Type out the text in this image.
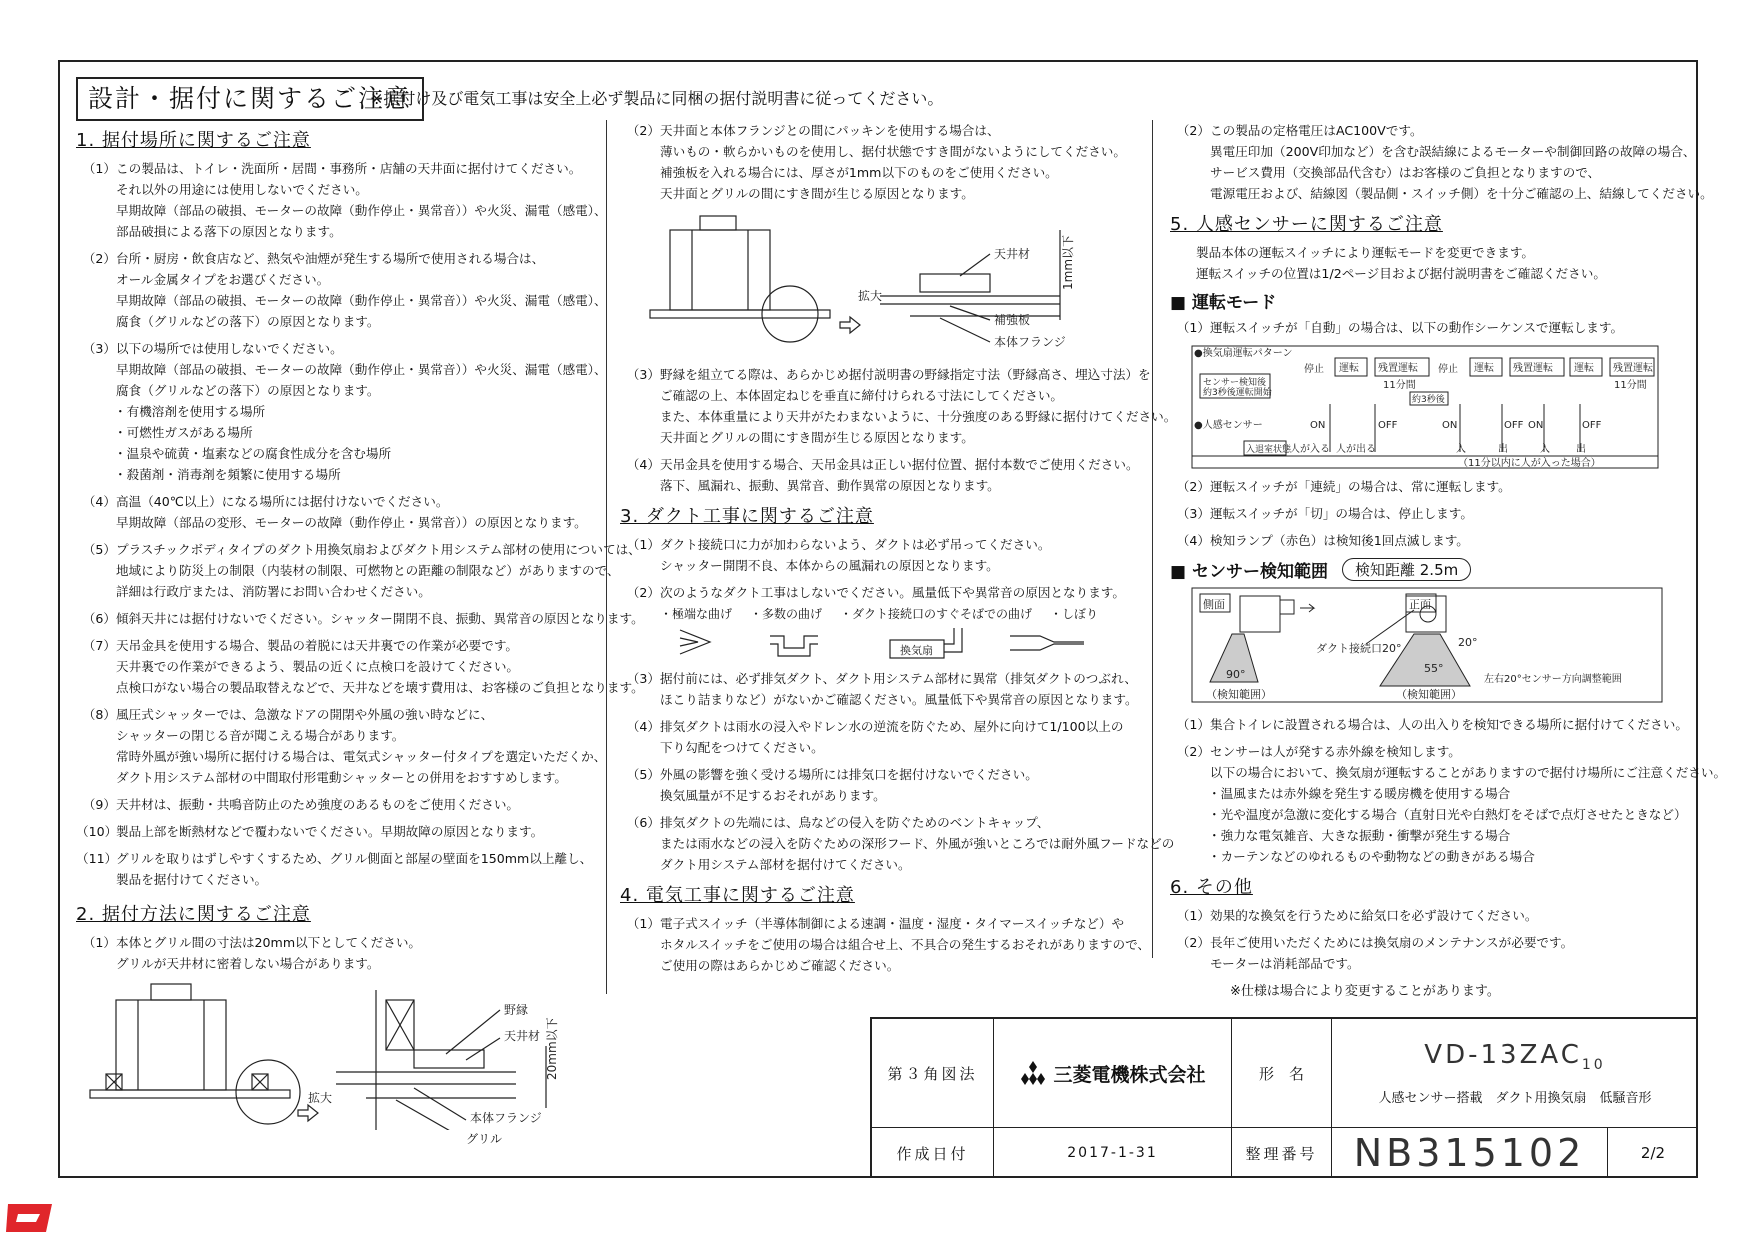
設計・据付に関するご注意
※据付け及び電気工事は安全上必ず製品に同梱の据付説明書に従ってください。
1. 据付場所に関するご注意
（1）この製品は、トイレ・洗面所・居間・事務所・店舗の天井面に据付けてください。
それ以外の用途には使用しないでください。
早期故障（部品の破損、モーターの故障（動作停止・異常音））や火災、漏電（感電）、
部品破損による落下の原因となります。
（2）台所・厨房・飲食店など、熱気や油煙が発生する場所で使用される場合は、
オール金属タイプをお選びください。
早期故障（部品の破損、モーターの故障（動作停止・異常音））や火災、漏電（感電）、
腐食（グリルなどの落下）の原因となります。
（3）以下の場所では使用しないでください。
早期故障（部品の破損、モーターの故障（動作停止・異常音））や火災、漏電（感電）、
腐食（グリルなどの落下）の原因となります。
・ 有機溶剤を使用する場所
・ 可燃性ガスがある場所
・ 温泉や硫黄・塩素などの腐食性成分を含む場所
・ 殺菌剤・消毒剤を頻繁に使用する場所
（4）高温（40℃以上）になる場所には据付けないでください。
早期故障（部品の変形、モーターの故障（動作停止・異常音））の原因となります。
（5）プラスチックボディタイプのダクト用換気扇およびダクト用システム部材の使用については、
地域により防災上の制限（内装材の制限、可燃物との距離の制限など）がありますので、
詳細は行政庁または、消防署にお問い合わせください。
（6）傾斜天井には据付けないでください。シャッター開閉不良、振動、異常音の原因となります。
（7）天吊金具を使用する場合、製品の着脱には天井裏での作業が必要です。
天井裏での作業ができるよう、製品の近くに点検口を設けてください。
点検口がない場合の製品取替えなどで、天井などを壊す費用は、お客様のご負担となります。
（8）風圧式シャッターでは、急激なドアの開閉や外風の強い時などに、
シャッターの閉じる音が聞こえる場合があります。
常時外風が強い場所に据付ける場合は、電気式シャッター付タイプを選定いただくか、
ダクト用システム部材の中間取付形電動シャッターとの併用をおすすめします。
（9）天井材は、振動・共鳴音防止のため強度のあるものをご使用ください。
（10）製品上部を断熱材などで覆わないでください。早期故障の原因となります。
（11）グリルを取りはずしやすくするため、グリル側面と部屋の壁面を150mm以上離し、
製品を据付けてください。
2. 据付方法に関するご注意
（1）本体とグリル間の寸法は20mm以下としてください。
グリルが天井材に密着しない場合があります。
拡大
野縁
天井材 20mm以下
本体フランジ
グリル
（2）天井面と本体フランジとの間にパッキンを使用する場合は、
薄いもの・軟らかいものを使用し、据付状態ですき間がないようにしてください。
補強板を入れる場合には、厚さが1mm以下のものをご使用ください。
天井面とグリルの間にすき間が生じる原因となります。
天井材
拡大
1mm以下
補強板
本体フランジ
（3）野縁を組立てる際は、あらかじめ据付説明書の野縁指定寸法（野縁高さ、埋込寸法）を
ご確認の上、本体固定ねじを垂直に締付けられる寸法にしてください。
また、本体重量により天井がたわまないように、十分強度のある野縁に据付けてください。
天井面とグリルの間にすき間が生じる原因となります。
（4）天吊金具を使用する場合、天吊金具は正しい据付位置、据付本数でご使用ください。
落下、風漏れ、振動、異常音、動作異常の原因となります。
3. ダクト工事に関するご注意
（1）ダクト接続口に力が加わらないよう、ダクトは必ず吊ってください。
シャッター開閉不良、本体からの風漏れの原因となります。
（2）次のようなダクト工事はしないでください。風量低下や異常音の原因となります。
・極端な曲げ ・多数の曲げ ・ダクト接続口のすぐそばでの曲げ ・しぼり
換気扇
（3）据付前には、必ず排気ダクト、ダクト用システム部材に異常（排気ダクトのつぶれ、
ほこり詰まりなど）がないかご確認ください。風量低下や異常音の原因となります。
（4）排気ダクトは雨水の浸入やドレン水の逆流を防ぐため、屋外に向けて1/100以上の
下り勾配をつけてください。
（5）外風の影響を強く受ける場所には排気口を据付けないでください。
換気風量が不足するおそれがあります。
（6）排気ダクトの先端には、鳥などの侵入を防ぐためのベントキャップ、
または雨水などの浸入を防ぐための深形フード、外風が強いところでは耐外風フードなどの
ダクト用システム部材を据付けてください。
4. 電気工事に関するご注意
（1）電子式スイッチ（半導体制御による速調・温度・湿度・タイマースイッチなど）や
ホタルスイッチをご使用の場合は組合せ上、不具合の発生するおそれがありますので、
ご使用の際はあらかじめご確認ください。
（2）この製品の定格電圧はAC100Vです。
異電圧印加（200V印加など）を含む誤結線によるモーターや制御回路の故障の場合、
サービス費用（交換部品代含む）はお客様のご負担となりますので、
電源電圧および、結線図（製品側・スイッチ側）を十分ご確認の上、結線してください。
5. 人感センサーに関するご注意
製品本体の運転スイッチにより運転モードを変更できます。
運転スイッチの位置は1/2ページ目および据付説明書をご確認ください。
■ 運転モード
（1）運転スイッチが「自動」の場合は、以下の動作シーケンスで運転します。
●換気扇運転パターン
停止 運転 残置運転 停止 運転 残置運転 運転 残置運転
11分間	11分間
センサー検知後
約3秒後運転開始
約3秒後
●人感センサー	ON	OFF	ON	OFF ON	OFF
入退室状態
人が入る 人が出る	入	出	入	出
（11分以内に人が入った場合）
（2）運転スイッチが「連続」の場合は、常に運転します。
（3）運転スイッチが「切」の場合は、停止します。
（4）検知ランプ（赤色）は検知後1回点滅します。
■ センサー検知範囲	検知距離 2.5m
側面	正面
ダクト接続口
90°	55°
20°	20°
（検知範囲）	（検知範囲）
左右20°センサー方向調整範囲
（1）集合トイレに設置される場合は、人の出入りを検知できる場所に据付けてください。
（2）センサーは人が発する赤外線を検知します。
以下の場合において、換気扇が運転することがありますので据付け場所にご注意ください。
・ 温風または赤外線を発生する暖房機を使用する場合
・ 光や温度が急激に変化する場合（直射日光や白熱灯をそばで点灯させたときなど）
・ 強力な電気雑音、大きな振動・衝撃が発生する場合
・ カーテンなどのゆれるものや動物などの動きがある場合
6. その他
（1）効果的な換気を行うために給気口を必ず設けてください。
（2）長年ご使用いただくためには換気扇のメンテナンスが必要です。
モーターは消耗部品です。
※仕様は場合により変更することがあります。
第３角図法	三菱電機株式会社	形　名
$VD-13ZAC_{10}$
人感センサー搭載　ダクト用換気扇　低騒音形
作成日付	2017-1-31	整理番号 NB315102	2/2
